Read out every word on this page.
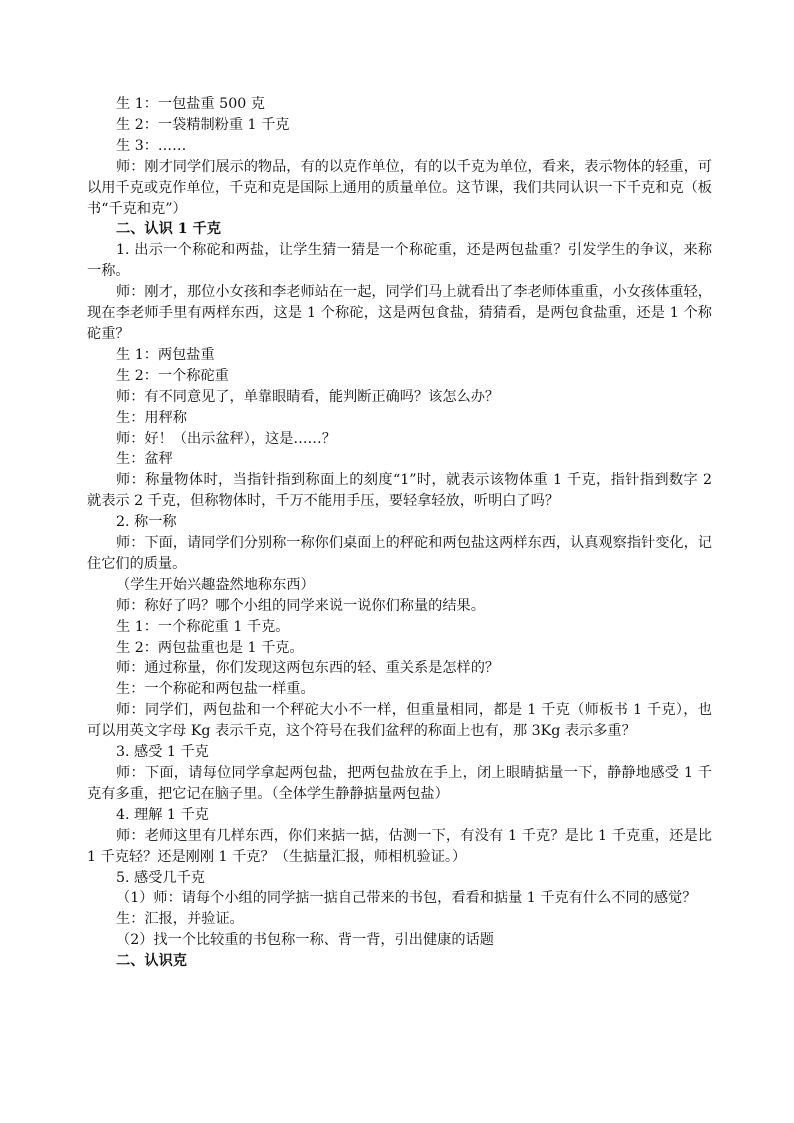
生 1：一包盐重 500 克

生 2：一袋精制粉重 1 千克

生 3：……

师：刚才同学们展示的物品，有的以克作单位，有的以千克为单位，看来，表示物体的轻重，可以用千克或克作单位，千克和克是国际上通用的质量单位。这节课，我们共同认识一下千克和克（板书“千克和克”）

二、认识 1 千克

1. 出示一个称砣和两盐，让学生猜一猜是一个称砣重，还是两包盐重？引发学生的争议，来称一称。

师：刚才，那位小女孩和李老师站在一起，同学们马上就看出了李老师体重重，小女孩体重轻，现在李老师手里有两样东西，这是 1 个称砣，这是两包食盐，猜猜看，是两包食盐重，还是 1 个称砣重？

生 1：两包盐重

生 2：一个称砣重

师：有不同意见了，单靠眼睛看，能判断正确吗？该怎么办？

生：用秤称

师：好！（出示盆秤），这是……？

生：盆秤

师：称量物体时，当指针指到称面上的刻度“1”时，就表示该物体重 1 千克，指针指到数字 2 就表示 2 千克，但称物体时，千万不能用手压，要轻拿轻放，听明白了吗？

2. 称一称

师：下面，请同学们分别称一称你们桌面上的秤砣和两包盐这两样东西，认真观察指针变化，记住它们的质量。

（学生开始兴趣盎然地称东西）

师：称好了吗？哪个小组的同学来说一说你们称量的结果。

生 1：一个称砣重 1 千克。

生 2：两包盐重也是 1 千克。

师：通过称量，你们发现这两包东西的轻、重关系是怎样的？

生：一个称砣和两包盐一样重。

师：同学们，两包盐和一个秤砣大小不一样，但重量相同，都是 1 千克（师板书 1 千克），也可以用英文字母 Kg 表示千克，这个符号在我们盆秤的称面上也有，那 3Kg 表示多重？

3. 感受 1 千克

师：下面，请每位同学拿起两包盐，把两包盐放在手上，闭上眼睛掂量一下，静静地感受 1 千克有多重，把它记在脑子里。（全体学生静静掂量两包盐）

4. 理解 1 千克

师：老师这里有几样东西，你们来掂一掂，估测一下，有没有 1 千克？是比 1 千克重，还是比 1 千克轻？还是刚刚 1 千克？（生掂量汇报，师相机验证。）

5. 感受几千克

（1）师：请每个小组的同学掂一掂自己带来的书包，看看和掂量 1 千克有什么不同的感觉？

生：汇报，并验证。

（2）找一个比较重的书包称一称、背一背，引出健康的话题

二、认识克
